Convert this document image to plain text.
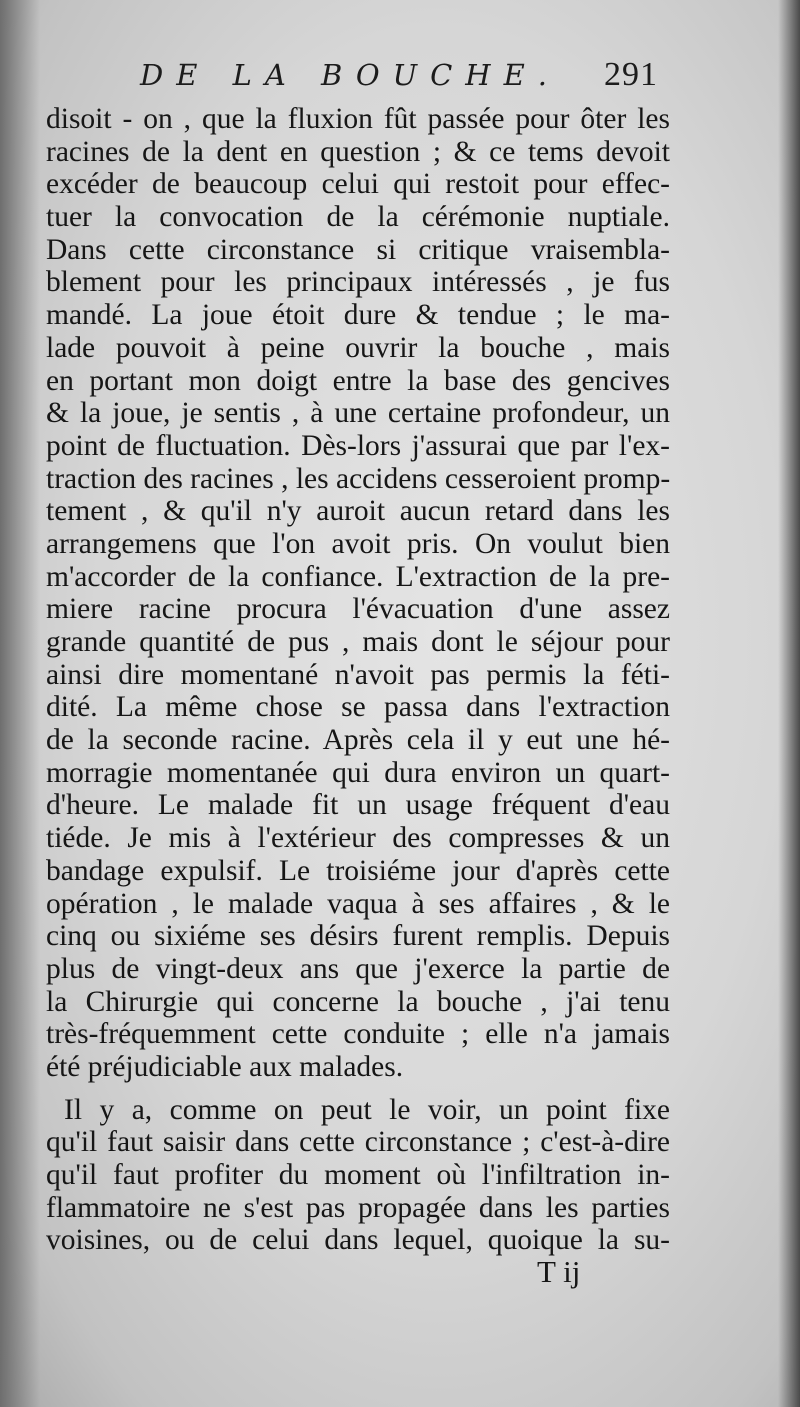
DE LA BOUCHE.	291
disoit - on , que la fluxion fût passée pour ôter les
racines de la dent en question ; & ce tems devoit
excéder de beaucoup celui qui restoit pour effec-
tuer la convocation de la cérémonie nuptiale.
Dans cette circonstance si critique vraisembla-
blement pour les principaux intéressés , je fus
mandé. La joue étoit dure & tendue ; le ma-
lade pouvoit à peine ouvrir la bouche , mais
en portant mon doigt entre la base des gencives
& la joue, je sentis , à une certaine profondeur, un
point de fluctuation. Dès-lors j'assurai que par l'ex-
traction des racines , les accidens cesseroient promp-
tement , & qu'il n'y auroit aucun retard dans les
arrangemens que l'on avoit pris. On voulut bien
m'accorder de la confiance. L'extraction de la pre-
miere racine procura l'évacuation d'une assez
grande quantité de pus , mais dont le séjour pour
ainsi dire momentané n'avoit pas permis la féti-
dité. La même chose se passa dans l'extraction
de la seconde racine. Après cela il y eut une hé-
morragie momentanée qui dura environ un quart-
d'heure. Le malade fit un usage fréquent d'eau
tiéde. Je mis à l'extérieur des compresses & un
bandage expulsif. Le troisiéme jour d'après cette
opération , le malade vaqua à ses affaires , & le
cinq ou sixiéme ses désirs furent remplis. Depuis
plus de vingt-deux ans que j'exerce la partie de
la Chirurgie qui concerne la bouche , j'ai tenu
très-fréquemment cette conduite ; elle n'a jamais
été préjudiciable aux malades.
Il y a, comme on peut le voir, un point fixe
qu'il faut saisir dans cette circonstance ; c'est-à-dire
qu'il faut profiter du moment où l'infiltration in-
flammatoire ne s'est pas propagée dans les parties
voisines, ou de celui dans lequel, quoique la su-
T ij
